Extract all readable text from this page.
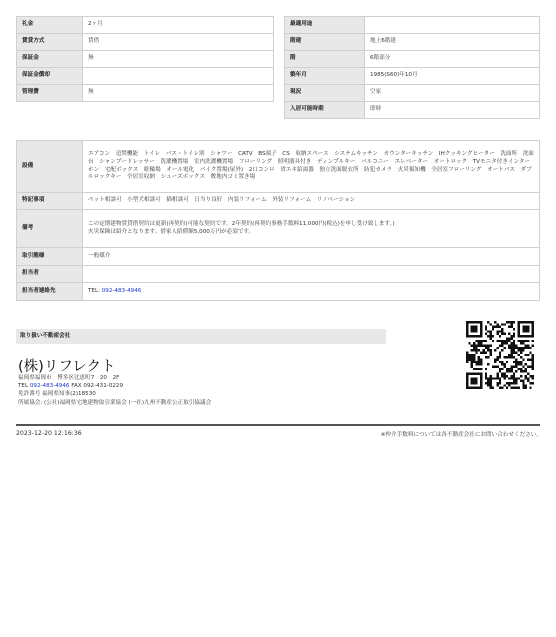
礼金	2ヶ月
賃貸方式	賃借
保証金	無
保証金償却	
管理費	無
最適用途	
階建	地上6階建
階	6階部分
築年月	1985(S60)年10月
現況	空家
入居可能時期	即時
設備	エアコン　追焚機能　トイレ　バス・トイレ別　シャワー　CATV　BS端子　CS　収納スペース　システムキッチン　カウンターキッチン　IHクッキングヒーター　洗面所　洗面台　シャンプードレッサー　洗濯機置場　室内洗濯機置場　フローリング　照明器具付き　ディンプルキー　バルコニー　エレベーター　オートロック　TVモニタ付きインターホン　宅配ボックス　駐輪場　オール電化　バイク置場(屋外)　2口コンロ　省エネ給湯器　独立洗面脱衣所　防犯カメラ　火災報知機　全居室フローリング　オートバス　ダブルロックキー　全居室収納　シューズボックス　敷地内ゴミ置き場
特記事項	ペット相談可　小型犬相談可　猫相談可　日当り良好　内装リフォーム　外装リフォーム　リノベーション
備考	この定期建物賃貸借契約は更新(再契約)可能な契約です。2年契約(再契約事務手数料11,000円(税込)を申し受け致します。)
火災保険は紹介となります。借家人賠償額5,000万円が必須です。

取引態様	一般媒介
担当者	
担当者連絡先	TEL: 092-483-4946
取り扱い不動産会社
(株)リフレクト
福岡県福岡市　博多区比恵町7　20　2F
TEL 092-483-4946 FAX 092-431-0229
免許番号 福岡県知事(2)18530
所属協会: (公社)福岡県宅地建物取引業協会 (一社)九州不動産公正取引協議会
2023-12-20 12:16:36	※仲介手数料については各不動産会社にお問い合わせください。
